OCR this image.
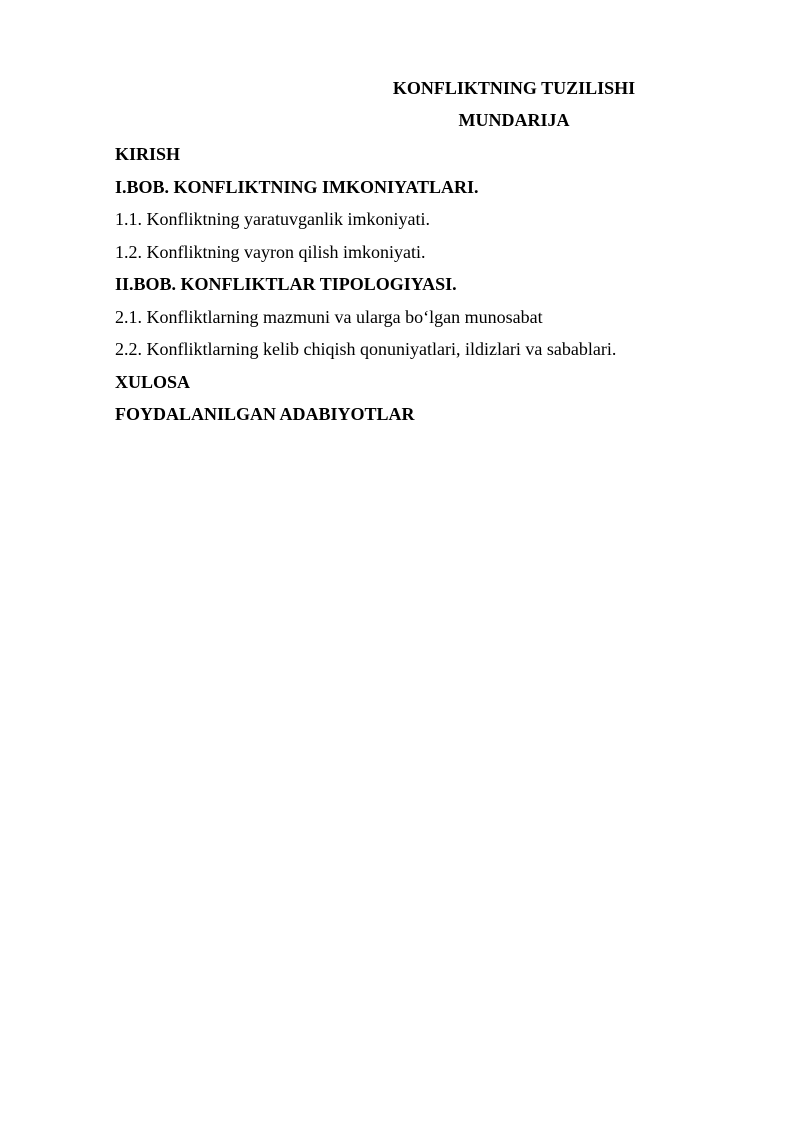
KONFLIKTNING TUZILISHI
MUNDARIJA
KIRISH
I.BOB. KONFLIKTNING IMKONIYATLARI.
1.1. Konfliktning yaratuvganlik imkoniyati.
1.2. Konfliktning vayron qilish imkoniyati.
II.BOB. KONFLIKTLAR TIPOLOGIYASI.
2.1. Konfliktlarning mazmuni va ularga bo‘lgan munosabat
2.2. Konfliktlarning kelib chiqish qonuniyatlari, ildizlari va sabablari.
XULOSA
FOYDALANILGAN ADABIYOTLAR
